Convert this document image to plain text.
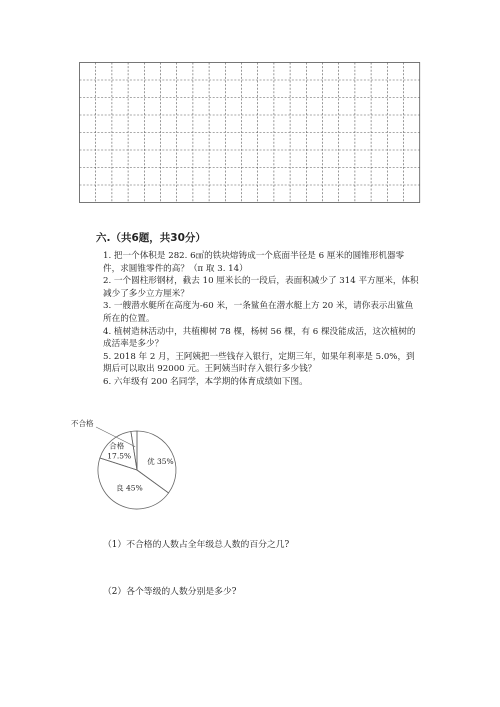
六.（共6题，共30分）

1. 把一个体积是 282. 6㎤的铁块熔铸成一个底面半径是 6 厘米的圆锥形机器零件，求圆锥零件的高？（π 取 3. 14）

2. 一个圆柱形钢材，截去 10 厘米长的一段后，表面积减少了 314 平方厘米，体积减少了多少立方厘米？

3. 一艘潜水艇所在高度为-60 米，一条鲨鱼在潜水艇上方 20 米，请你表示出鲨鱼所在的位置。

4. 植树造林活动中，共植柳树 78 棵，杨树 56 棵，有 6 棵没能成活，这次植树的成活率是多少？

5. 2018 年 2 月，王阿姨把一些钱存入银行，定期三年，如果年利率是 5.0%，到期后可以取出 92000 元。王阿姨当时存入银行多少钱？

6. 六年级有 200 名同学，本学期的体育成绩如下图。

不合格
合格
17.5%
优 35%
良 45%
（1）不合格的人数占全年级总人数的百分之几?
（2）各个等级的人数分别是多少?
